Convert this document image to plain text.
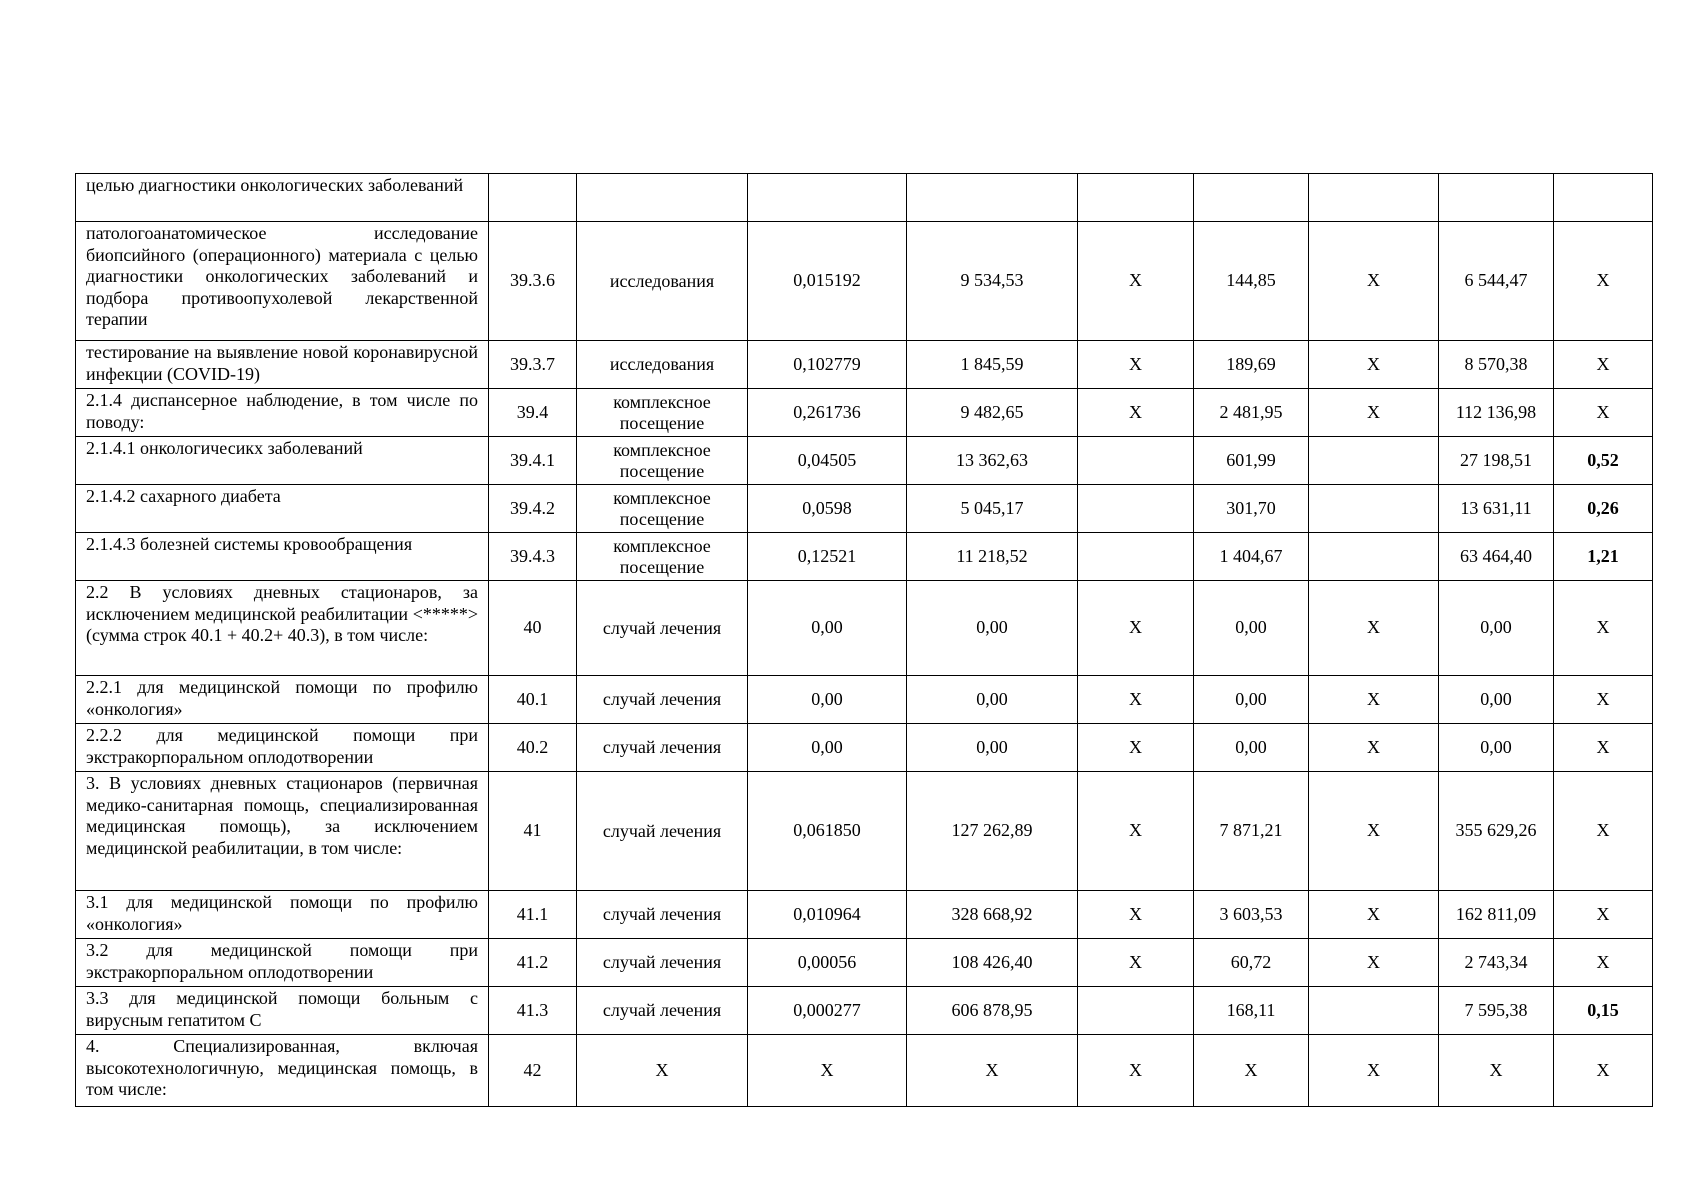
целью диагностики онкологических заболеваний									
патологоанатомическое исследование биопсийного (операционного) материала с целью диагностики онкологических заболеваний и подбора противоопухолевой лекарственной терапии	39.3.6	исследования	0,015192	9 534,53	Х	144,85	Х	6 544,47	Х
тестирование на выявление новой коронавирусной инфекции (COVID-19)	39.3.7	исследования	0,102779	1 845,59	Х	189,69	Х	8 570,38	Х
2.1.4 диспансерное наблюдение, в том числе по поводу:	39.4	комплексное посещение	0,261736	9 482,65	Х	2 481,95	Х	112 136,98	Х
2.1.4.1 онкологичесикх заболеваний	39.4.1	комплексное посещение	0,04505	13 362,63		601,99		27 198,51	0,52
2.1.4.2 сахарного диабета	39.4.2	комплексное посещение	0,0598	5 045,17		301,70		13 631,11	0,26
2.1.4.3 болезней системы кровообращения	39.4.3	комплексное посещение	0,12521	11 218,52		1 404,67		63 464,40	1,21
2.2 В условиях дневных стационаров, за исключением медицинской реабилитации <*****> (сумма строк 40.1 + 40.2+ 40.3), в том числе:	40	случай лечения	0,00	0,00	Х	0,00	Х	0,00	Х
2.2.1 для медицинской помощи по профилю «онкология»	40.1	случай лечения	0,00	0,00	Х	0,00	Х	0,00	Х
2.2.2 для медицинской помощи при экстракорпоральном оплодотворении	40.2	случай лечения	0,00	0,00	Х	0,00	Х	0,00	Х
3. В условиях дневных стационаров (первичная медико-санитарная помощь, специализированная медицинская помощь), за исключением медицинской реабилитации, в том числе:	41	случай лечения	0,061850	127 262,89	Х	7 871,21	Х	355 629,26	Х
3.1 для медицинской помощи по профилю «онкология»	41.1	случай лечения	0,010964	328 668,92	Х	3 603,53	Х	162 811,09	Х
3.2 для медицинской помощи при экстракорпоральном оплодотворении	41.2	случай лечения	0,00056	108 426,40	Х	60,72	Х	2 743,34	Х
3.3 для медицинской помощи больным с вирусным гепатитом С	41.3	случай лечения	0,000277	606 878,95		168,11		7 595,38	0,15
4. Специализированная, включая высокотехнологичную, медицинская помощь, в том числе:	42	Х	Х	Х	Х	Х	Х	Х	Х
